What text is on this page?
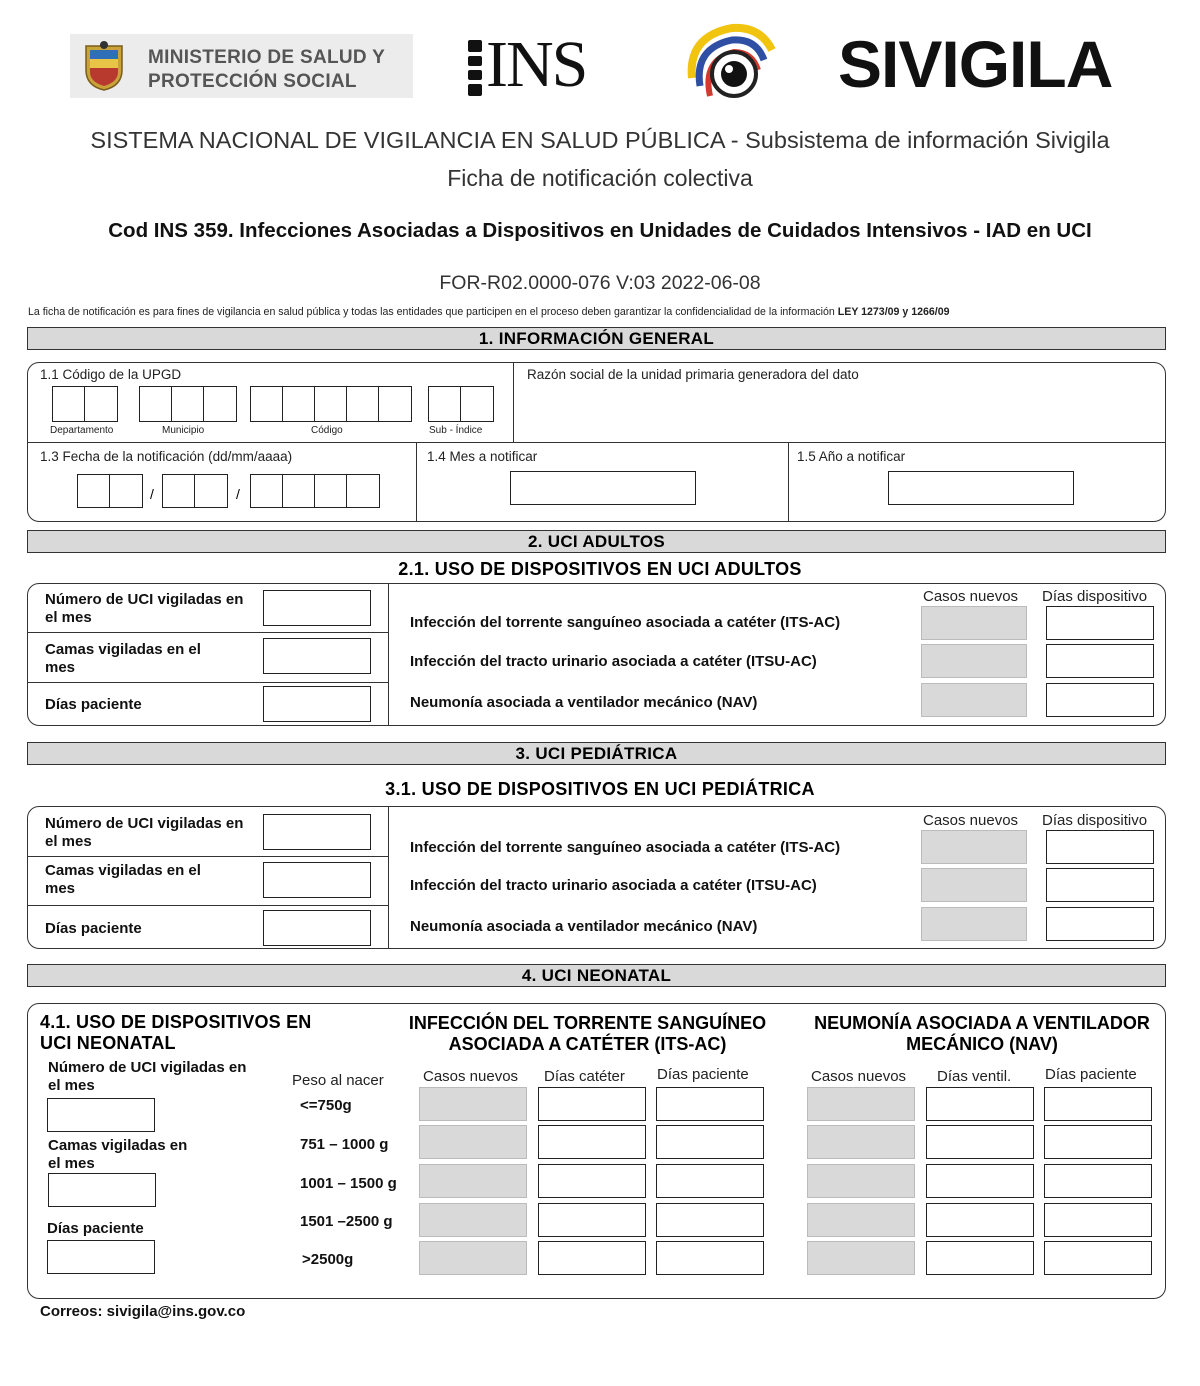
MINISTERIO DE SALUD Y
PROTECCIÓN SOCIAL	INS	SIVIGILA
SISTEMA NACIONAL DE VIGILANCIA EN SALUD PÚBLICA - Subsistema de información Sivigila
Ficha de notificación colectiva
Cod INS 359. Infecciones Asociadas a Dispositivos en Unidades de Cuidados Intensivos - IAD en UCI
FOR-R02.0000-076 V:03 2022-06-08
La ficha de notificación es para fines de vigilancia en salud pública y todas las entidades que participen en el proceso deben garantizar la confidencialidad de la información LEY 1273/09 y 1266/09
1. INFORMACIÓN GENERAL
1.1 Código de la UPGD
Departamento	Municipio	Código	Sub - Índice
Razón social de la unidad primaria generadora del dato
1.3 Fecha de la notificación (dd/mm/aaaa)
/	/
1.4 Mes a notificar	1.5 Año a notificar
2. UCI ADULTOS
2.1. USO DE DISPOSITIVOS EN UCI ADULTOS
Número de UCI vigiladas en el mes
Camas vigiladas en el mes
Días paciente
Casos nuevos Días dispositivo
Infección del torrente sanguíneo asociada a catéter (ITS-AC)
Infección del tracto urinario asociada a catéter (ITSU-AC)
Neumonía asociada a ventilador mecánico (NAV)
3. UCI PEDIÁTRICA
3.1. USO DE DISPOSITIVOS EN UCI PEDIÁTRICA
Número de UCI vigiladas en el mes
Camas vigiladas en el mes
Días paciente
Casos nuevos Días dispositivo
Infección del torrente sanguíneo asociada a catéter (ITS-AC)
Infección del tracto urinario asociada a catéter (ITSU-AC)
Neumonía asociada a ventilador mecánico (NAV)
4. UCI NEONATAL
4.1. USO DE DISPOSITIVOS EN UCI NEONATAL
Número de UCI vigiladas en el mes
Camas vigiladas en el mes
Días paciente
Peso al nacer
<=750g
751 – 1000 g
1001 – 1500 g
1501 –2500 g
>2500g
INFECCIÓN DEL TORRENTE SANGUÍNEO ASOCIADA A CATÉTER (ITS-AC)
Casos nuevos Días catéter Días paciente
NEUMONÍA ASOCIADA A VENTILADOR MECÁNICO (NAV)
Casos nuevos Días ventil. Días paciente
Correos: sivigila@ins.gov.co
